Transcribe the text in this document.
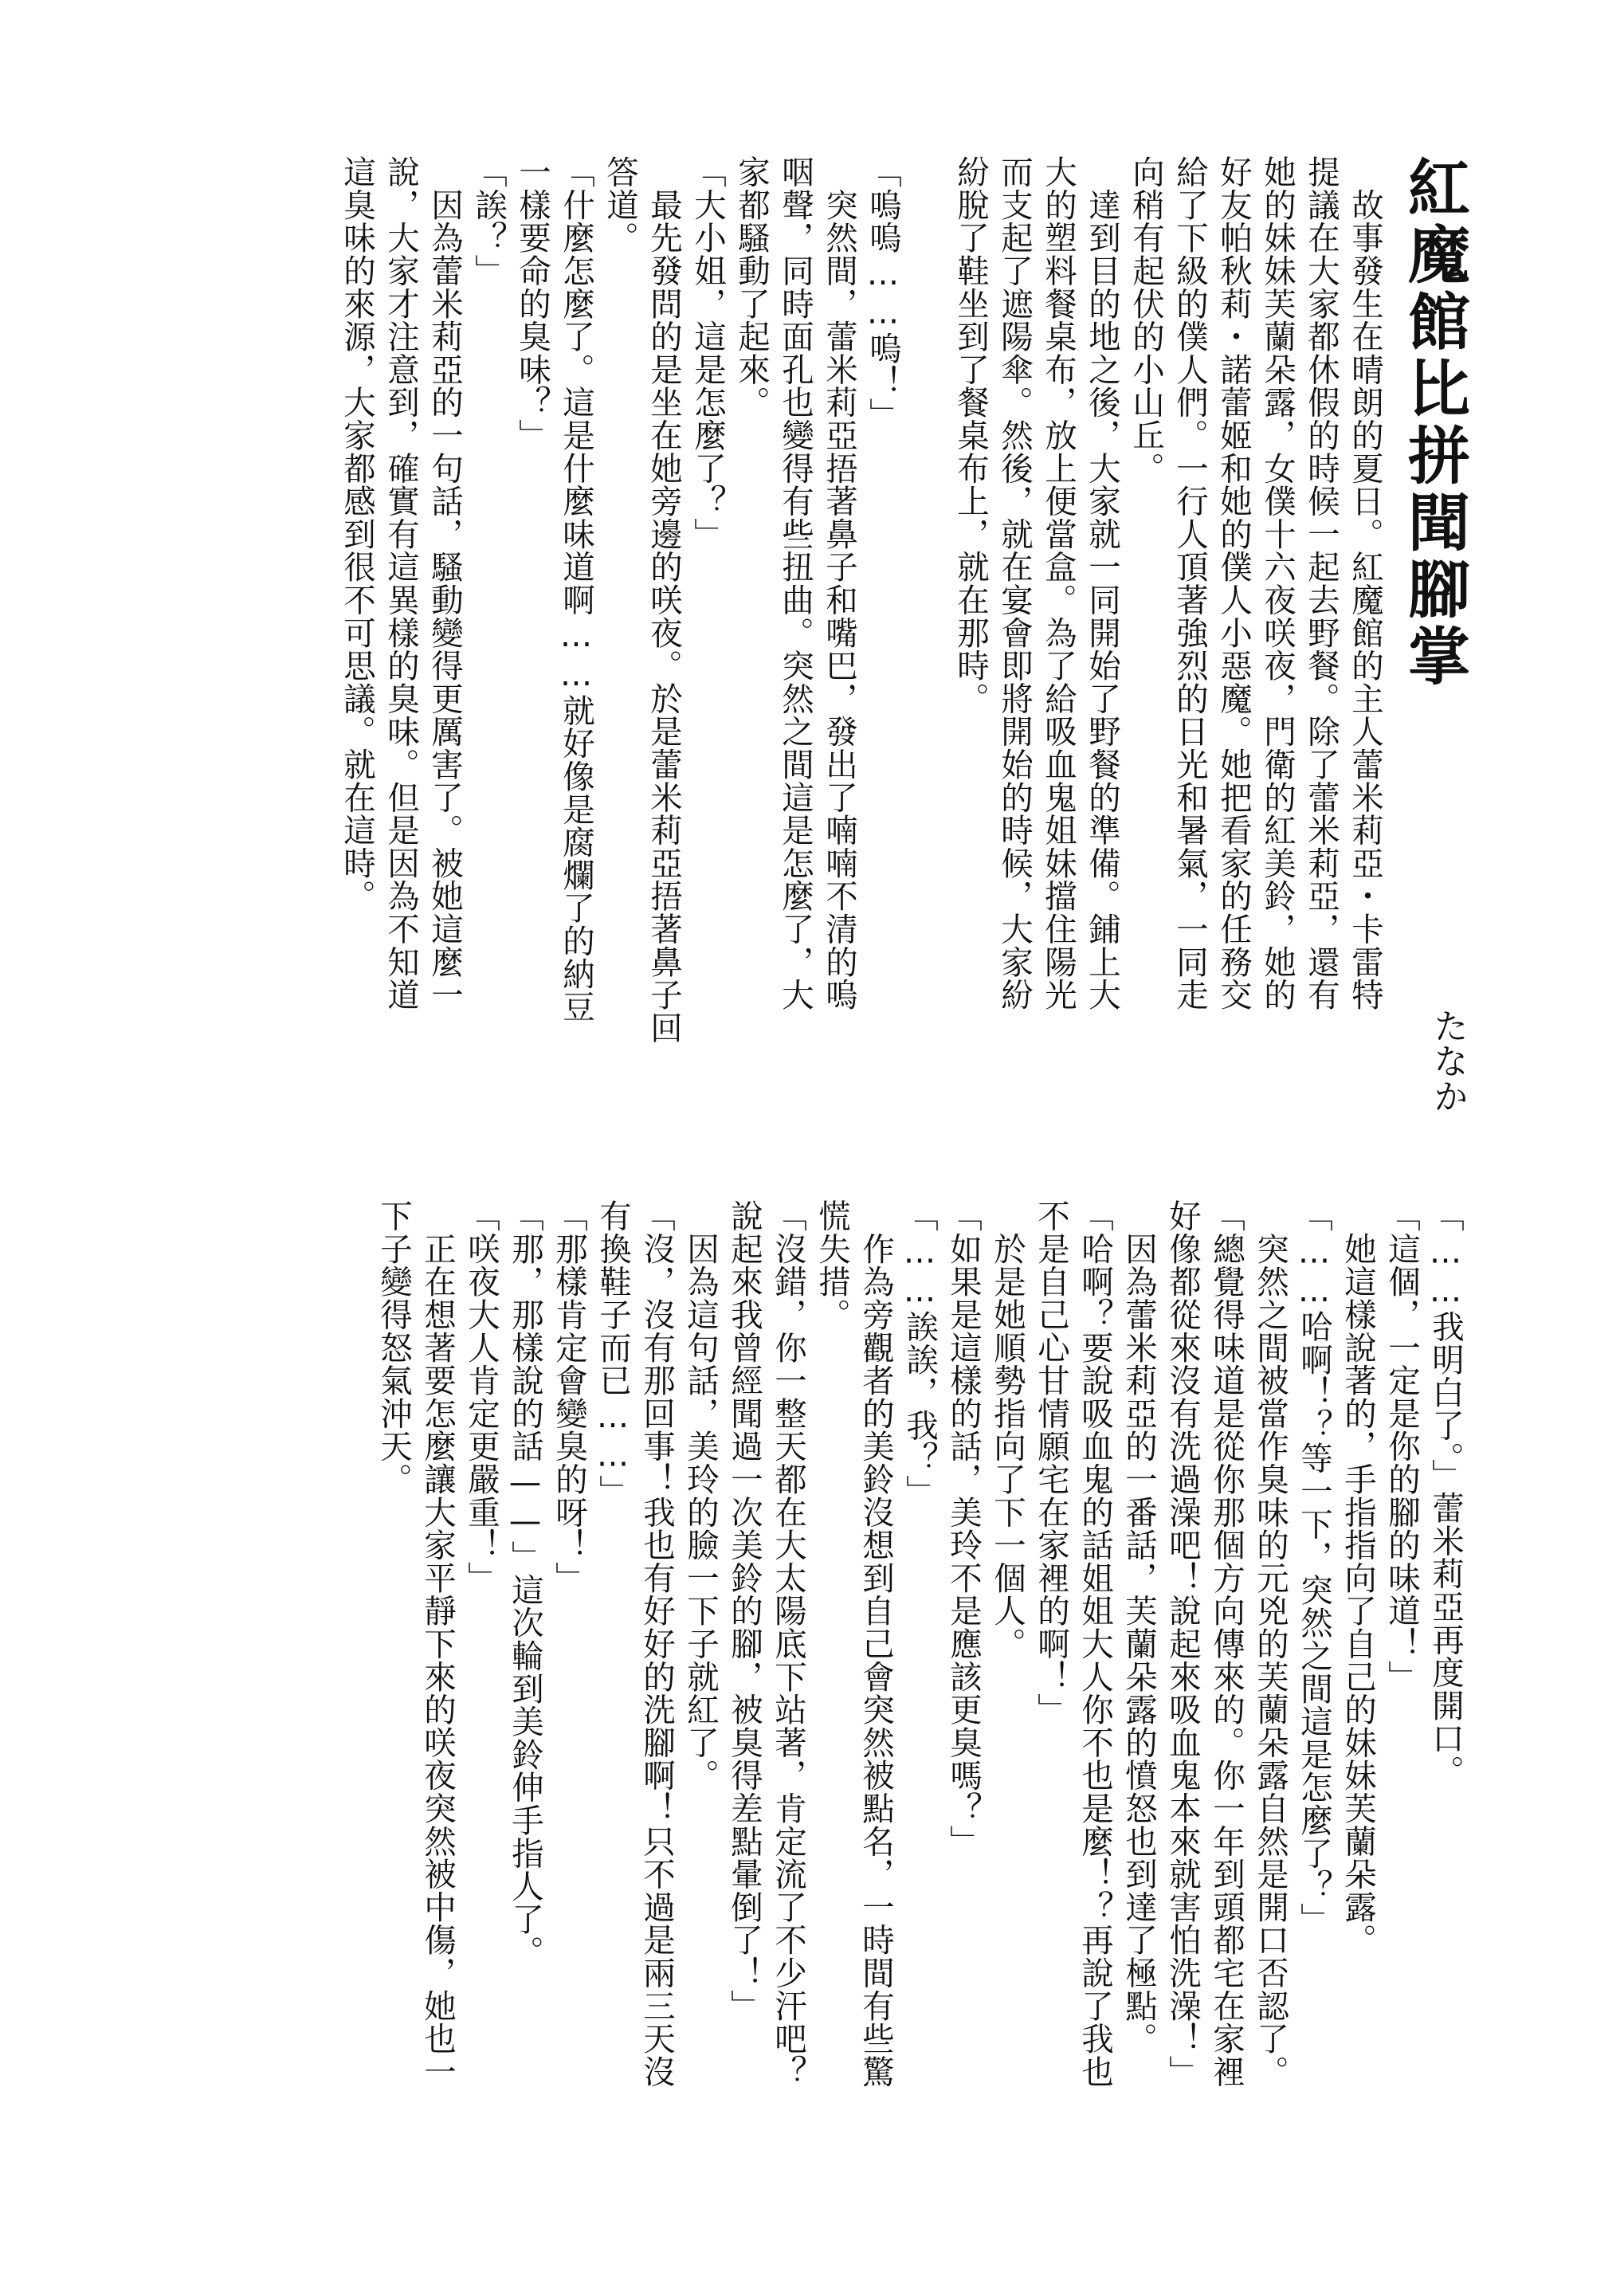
紅魔館比拼聞腳掌
たなか
　故事發生在晴朗的夏日。紅魔館的主人蕾米莉亞・卡雷特
提議在大家都休假的時候一起去野餐。除了蕾米莉亞，還有
她的妹妹芙蘭朵露，女僕十六夜咲夜，門衛的紅美鈴，她的
好友帕秋莉・諾蕾姬和她的僕人小惡魔。她把看家的任務交
給了下級的僕人們。一行人頂著強烈的日光和暑氣，一同走
向稍有起伏的小山丘。
　達到目的地之後，大家就一同開始了野餐的準備。鋪上大
大的塑料餐桌布，放上便當盒。為了給吸血鬼姐妹擋住陽光
而支起了遮陽傘。然後，就在宴會即將開始的時候，大家紛
紛脫了鞋坐到了餐桌布上，就在那時。

「嗚嗚……嗚！」
　突然間，蕾米莉亞捂著鼻子和嘴巴，發出了喃喃不清的嗚
咽聲，同時面孔也變得有些扭曲。突然之間這是怎麼了，大
家都騷動了起來。
「大小姐，這是怎麼了？」
　最先發問的是坐在她旁邊的咲夜。於是蕾米莉亞捂著鼻子回
答道。
「什麼怎麼了。這是什麼味道啊……就好像是腐爛了的納豆
一樣要命的臭味？」
「誒？」
　因為蕾米莉亞的一句話，騷動變得更厲害了。被她這麼一
說，大家才注意到，確實有這異樣的臭味。但是因為不知道
這臭味的來源，大家都感到很不可思議。就在這時。
「……我明白了。」蕾米莉亞再度開口。
「這個，一定是你的腳的味道！」
　她這樣說著的，手指指向了自己的妹妹芙蘭朵露。
「……哈啊！？等一下，突然之間這是怎麼了？」
　突然之間被當作臭味的元兇的芙蘭朵露自然是開口否認了。
「總覺得味道是從你那個方向傳來的。你一年到頭都宅在家裡
好像都從來沒有洗過澡吧！說起來吸血鬼本來就害怕洗澡！」
　因為蕾米莉亞的一番話，芙蘭朵露的憤怒也到達了極點。
「哈啊？要說吸血鬼的話姐姐大人你不也是麼！？再說了我也
不是自己心甘情願宅在家裡的啊！」
　於是她順勢指向了下一個人。
「如果是這樣的話，美玲不是應該更臭嗎？」
「……誒誒，我？」
　作為旁觀者的美鈴沒想到自己會突然被點名，一時間有些驚
慌失措。
「沒錯，你一整天都在大太陽底下站著，肯定流了不少汗吧？
說起來我曾經聞過一次美鈴的腳，被臭得差點暈倒了！」
　因為這句話，美玲的臉一下子就紅了。
「沒，沒有那回事！我也有好好的洗腳啊！只不過是兩三天沒
有換鞋子而已……」
「那樣肯定會變臭的呀！」
「那，那樣說的話——」這次輪到美鈴伸手指人了。
「咲夜大人肯定更嚴重！」
　正在想著要怎麼讓大家平靜下來的咲夜突然被中傷，她也一
下子變得怒氣沖天。
